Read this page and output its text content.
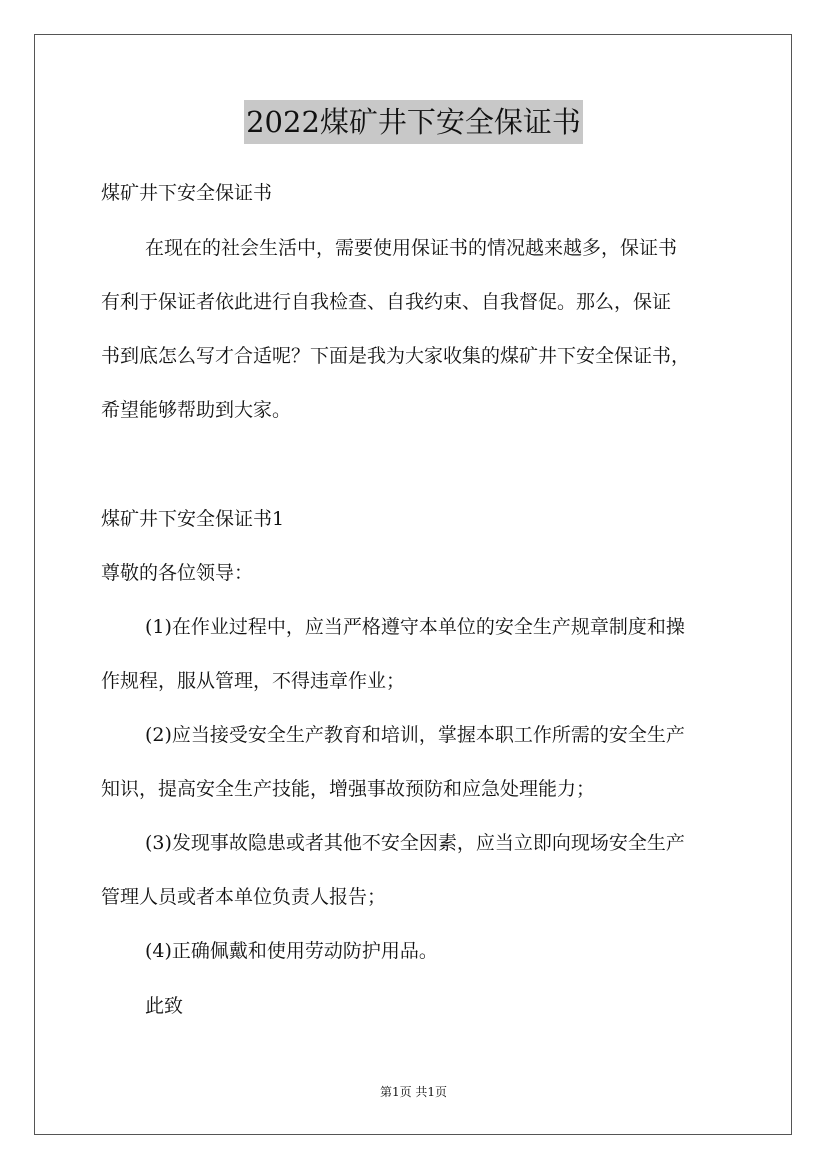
2022煤矿井下安全保证书
煤矿井下安全保证书
在现在的社会生活中，需要使用保证书的情况越来越多，保证书
有利于保证者依此进行自我检查、自我约束、自我督促。那么，保证
书到底怎么写才合适呢？下面是我为大家收集的煤矿井下安全保证书，
希望能够帮助到大家。
煤矿井下安全保证书1
尊敬的各位领导：
(1)在作业过程中，应当严格遵守本单位的安全生产规章制度和操
作规程，服从管理，不得违章作业；
(2)应当接受安全生产教育和培训，掌握本职工作所需的安全生产
知识，提高安全生产技能，增强事故预防和应急处理能力；
(3)发现事故隐患或者其他不安全因素，应当立即向现场安全生产
管理人员或者本单位负责人报告；
(4)正确佩戴和使用劳动防护用品。
此致
第1页 共1页
